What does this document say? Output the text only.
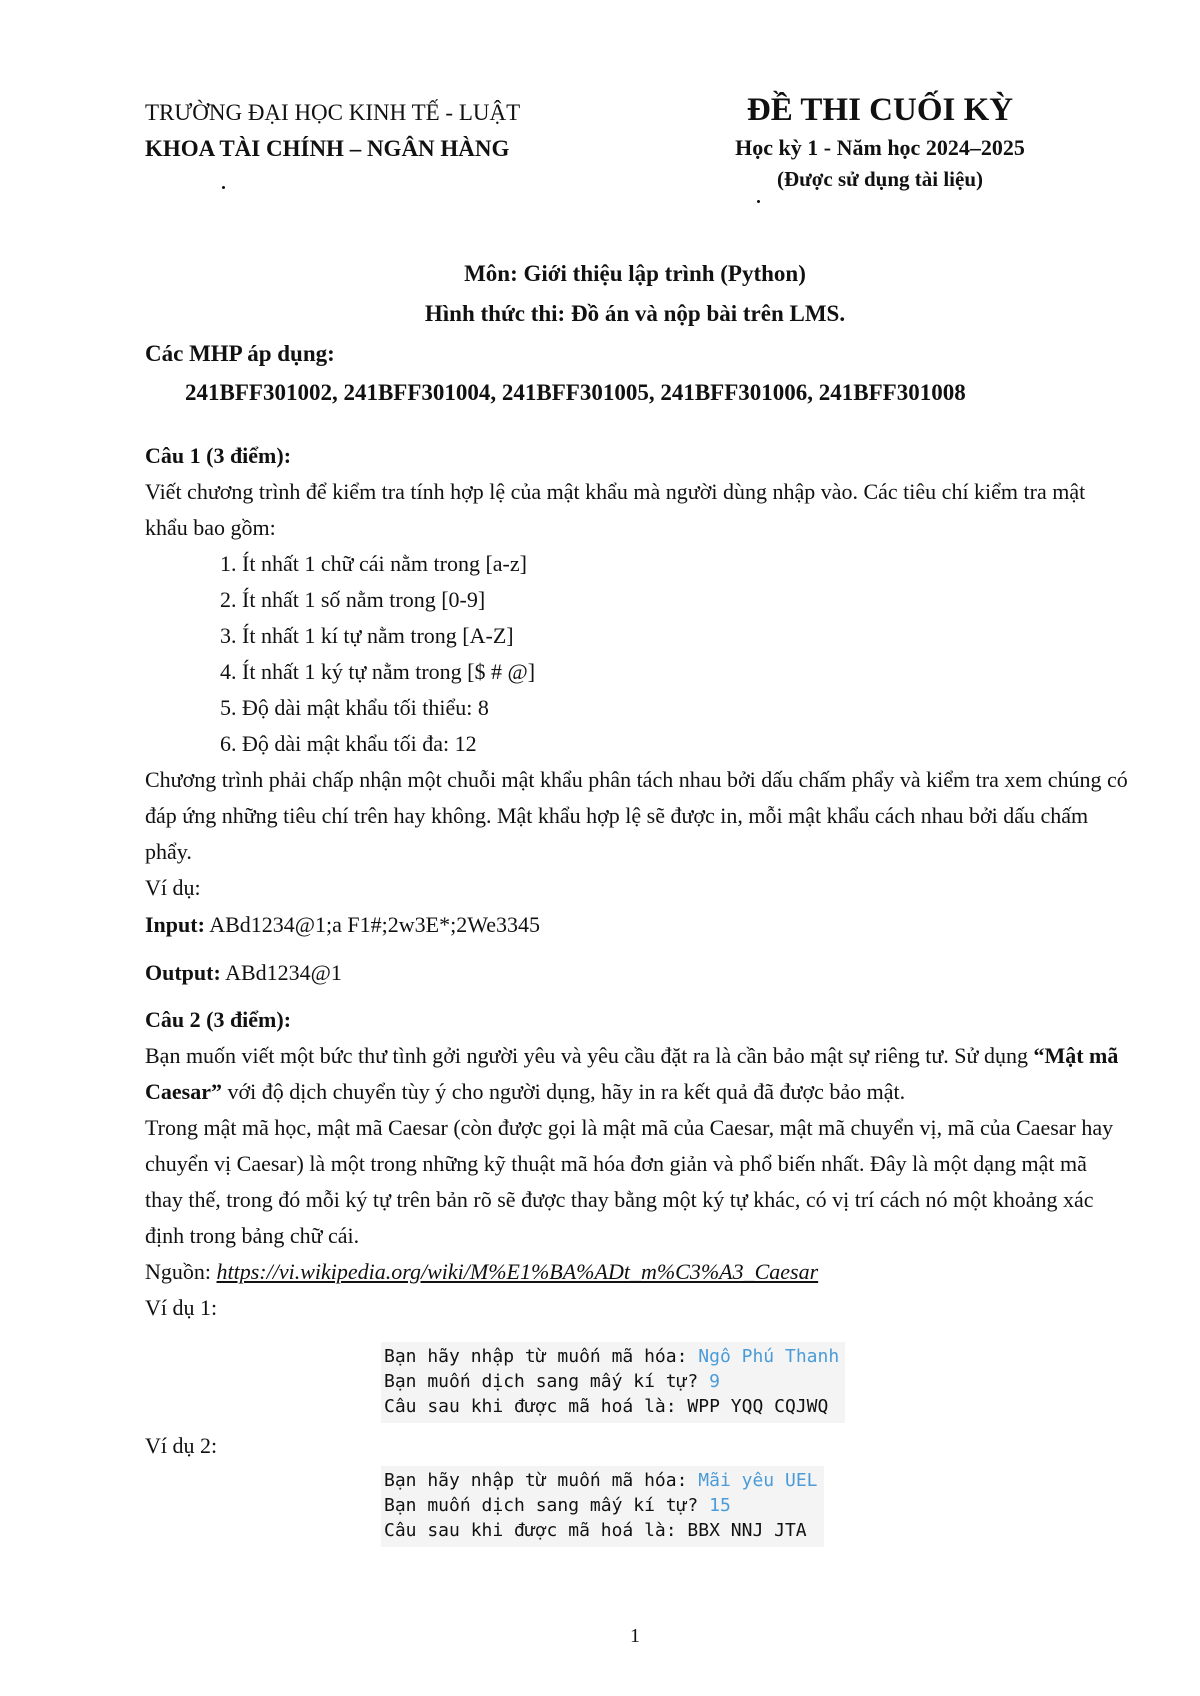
TRƯỜNG ĐẠI HỌC KINH TẾ - LUẬT
KHOA TÀI CHÍNH – NGÂN HÀNG
ĐỀ THI CUỐI KỲ
Học kỳ 1 - Năm học 2024–2025
(Được sử dụng tài liệu)
Môn: Giới thiệu lập trình (Python)
Hình thức thi: Đồ án và nộp bài trên LMS.
Các MHP áp dụng:
241BFF301002, 241BFF301004, 241BFF301005, 241BFF301006, 241BFF301008

Câu 1 (3 điểm):

Viết chương trình để kiểm tra tính hợp lệ của mật khẩu mà người dùng nhập vào. Các tiêu chí kiểm tra mật khẩu bao gồm:

1. Ít nhất 1 chữ cái nằm trong [a-z]
2. Ít nhất 1 số nằm trong [0-9]
3. Ít nhất 1 kí tự nằm trong [A-Z]
4. Ít nhất 1 ký tự nằm trong [$ # @]
5. Độ dài mật khẩu tối thiểu: 8
6. Độ dài mật khẩu tối đa: 12

Chương trình phải chấp nhận một chuỗi mật khẩu phân tách nhau bởi dấu chấm phẩy và kiểm tra xem chúng có đáp ứng những tiêu chí trên hay không. Mật khẩu hợp lệ sẽ được in, mỗi mật khẩu cách nhau bởi dấu chấm phẩy.

Ví dụ:

Input: ABd1234@1;a F1#;2w3E*;2We3345

Output: ABd1234@1

Câu 2 (3 điểm):

Bạn muốn viết một bức thư tình gởi người yêu và yêu cầu đặt ra là cần bảo mật sự riêng tư. Sử dụng “Mật mã Caesar” với độ dịch chuyển tùy ý cho người dụng, hãy in ra kết quả đã được bảo mật.

Trong mật mã học, mật mã Caesar (còn được gọi là mật mã của Caesar, mật mã chuyển vị, mã của Caesar hay chuyển vị Caesar) là một trong những kỹ thuật mã hóa đơn giản và phổ biến nhất. Đây là một dạng mật mã thay thế, trong đó mỗi ký tự trên bản rõ sẽ được thay bằng một ký tự khác, có vị trí cách nó một khoảng xác định trong bảng chữ cái.

Nguồn: https://vi.wikipedia.org/wiki/M%E1%BA%ADt_m%C3%A3_Caesar

Ví dụ 1:

Bạn hãy nhập từ muốn mã hóa: Ngô Phú Thanh
Bạn muốn dịch sang mấy kí tự? 9
Câu sau khi được mã hoá là: WPP YQQ CQJWQ
Ví dụ 2:
Bạn hãy nhập từ muốn mã hóa: Mãi yêu UEL
Bạn muốn dịch sang mấy kí tự? 15
Câu sau khi được mã hoá là: BBX NNJ JTA
1
